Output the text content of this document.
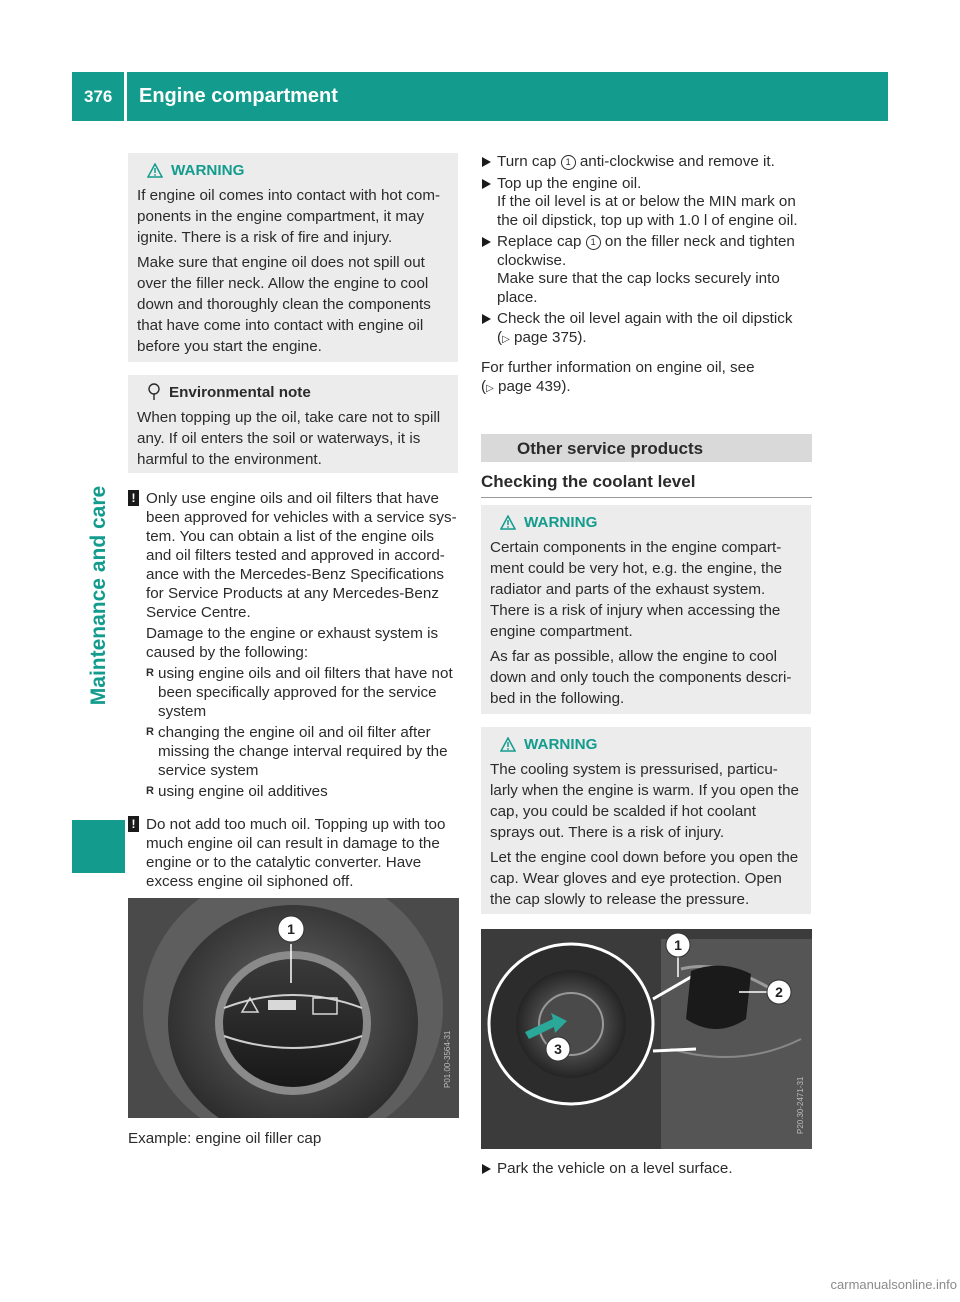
376	Engine compartment
Maintenance and care
WARNING

If engine oil comes into contact with hot com- ponents in the engine compartment, it may ignite. There is a risk of fire and injury.

Make sure that engine oil does not spill out over the filler neck. Allow the engine to cool down and thoroughly clean the components that have come into contact with engine oil before you start the engine.

Environmental note

When topping up the oil, take care not to spill any. If oil enters the soil or waterways, it is harmful to the environment.

! Only use engine oils and oil filters that have been approved for vehicles with a service sys- tem. You can obtain a list of the engine oils and oil filters tested and approved in accord- ance with the Mercedes-Benz Specifications for Service Products at any Mercedes-Benz Service Centre.

Damage to the engine or exhaust system is caused by the following:

R using engine oils and oil filters that have not been specifically approved for the service system
R changing the engine oil and oil filter after missing the change interval required by the service system
R using engine oil additives
! Do not add too much oil. Topping up with too much engine oil can result in damage to the engine or to the catalytic converter. Have excess engine oil siphoned off.

1
P01.00-3564-31
Example: engine oil filler cap
Turn cap 1 anti-clockwise and remove it.
Top up the engine oil.
If the oil level is at or below the MIN mark on the oil dipstick, top up with 1.0 l of engine oil.
Replace cap 1 on the filler neck and tighten clockwise.
Make sure that the cap locks securely into place.
Check the oil level again with the oil dipstick
(▷ page 375).
For further information on engine oil, see
(▷ page 439).
Other service products
Checking the coolant level
WARNING

Certain components in the engine compart- ment could be very hot, e.g. the engine, the radiator and parts of the exhaust system. There is a risk of injury when accessing the engine compartment.

As far as possible, allow the engine to cool down and only touch the components descri- bed in the following.

WARNING

The cooling system is pressurised, particu- larly when the engine is warm. If you open the cap, you could be scalded if hot coolant sprays out. There is a risk of injury.

Let the engine cool down before you open the cap. Wear gloves and eye protection. Open the cap slowly to release the pressure.

1
2
3
P20.30-2471-31
Park the vehicle on a level surface.
carmanualsonline.info
